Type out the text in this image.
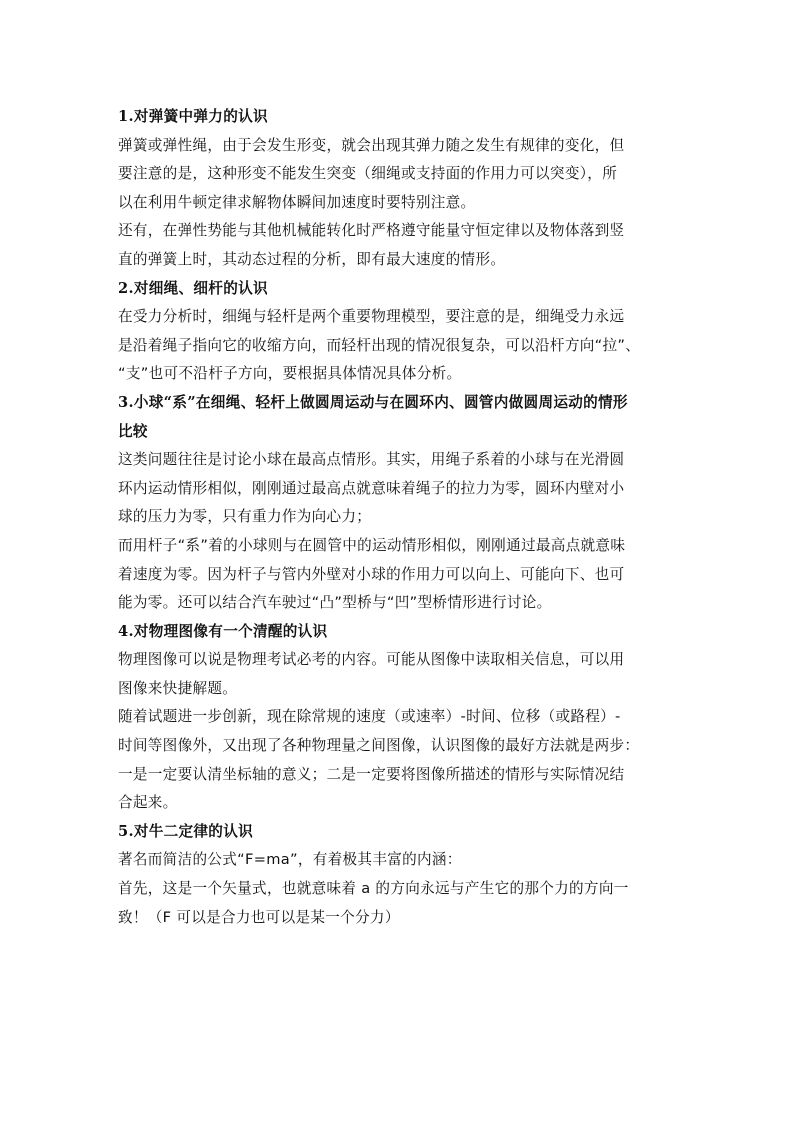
1.对弹簧中弹力的认识
弹簧或弹性绳，由于会发生形变，就会出现其弹力随之发生有规律的变化，但
要注意的是，这种形变不能发生突变（细绳或支持面的作用力可以突变），所
以在利用牛顿定律求解物体瞬间加速度时要特别注意。
还有，在弹性势能与其他机械能转化时严格遵守能量守恒定律以及物体落到竖
直的弹簧上时，其动态过程的分析，即有最大速度的情形。
2.对细绳、细杆的认识
在受力分析时，细绳与轻杆是两个重要物理模型，要注意的是，细绳受力永远
是沿着绳子指向它的收缩方向，而轻杆出现的情况很复杂，可以沿杆方向“拉”、
“支”也可不沿杆子方向，要根据具体情况具体分析。
3.小球“系”在细绳、轻杆上做圆周运动与在圆环内、圆管内做圆周运动的情形
比较
这类问题往往是讨论小球在最高点情形。其实，用绳子系着的小球与在光滑圆
环内运动情形相似，刚刚通过最高点就意味着绳子的拉力为零，圆环内壁对小
球的压力为零，只有重力作为向心力；
而用杆子“系”着的小球则与在圆管中的运动情形相似，刚刚通过最高点就意味
着速度为零。因为杆子与管内外壁对小球的作用力可以向上、可能向下、也可
能为零。还可以结合汽车驶过“凸”型桥与“凹”型桥情形进行讨论。
4.对物理图像有一个清醒的认识
物理图像可以说是物理考试必考的内容。可能从图像中读取相关信息，可以用
图像来快捷解题。
随着试题进一步创新，现在除常规的速度（或速率）-时间、位移（或路程）-
时间等图像外，又出现了各种物理量之间图像，认识图像的最好方法就是两步：
一是一定要认清坐标轴的意义；二是一定要将图像所描述的情形与实际情况结
合起来。
5.对牛二定律的认识
著名而简洁的公式“F=ma”，有着极其丰富的内涵：
首先，这是一个矢量式，也就意味着 a 的方向永远与产生它的那个力的方向一
致！（F 可以是合力也可以是某一个分力）
